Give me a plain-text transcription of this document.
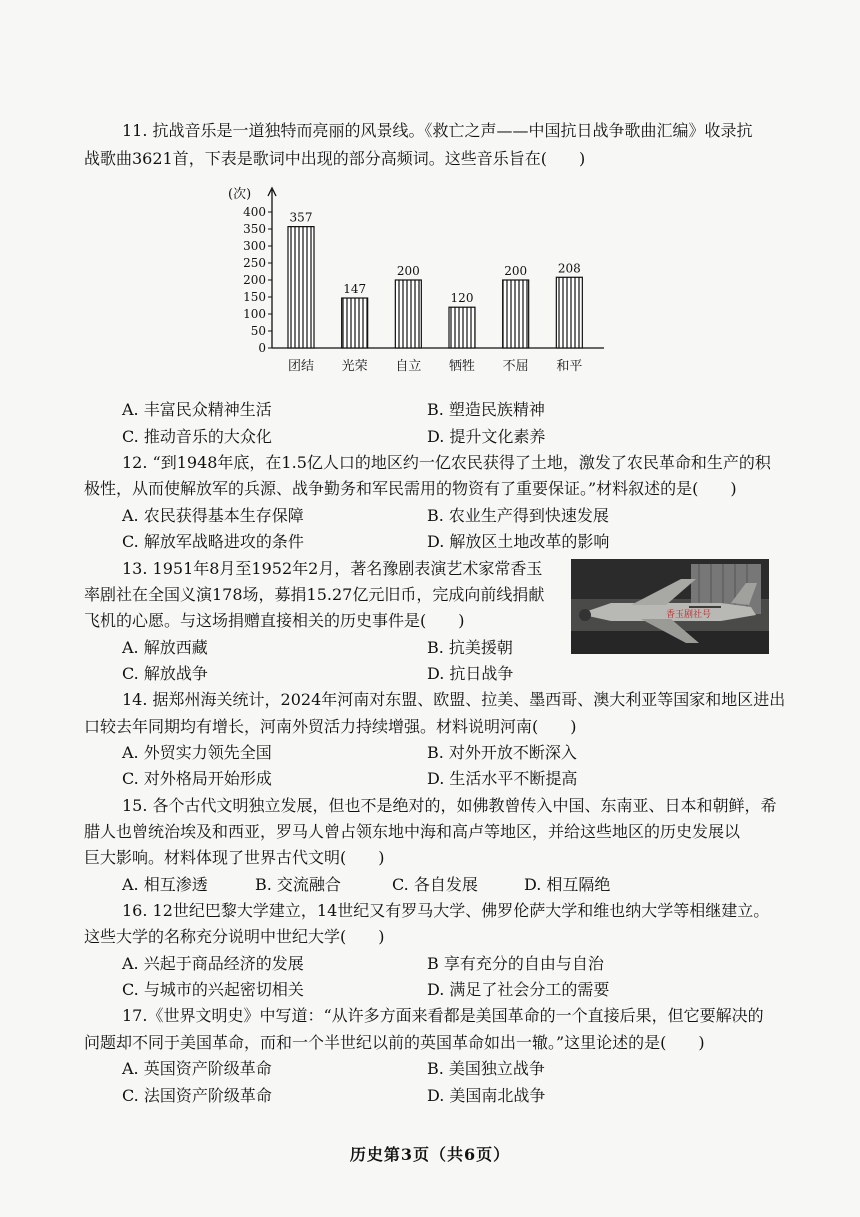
11. 抗战音乐是一道独特而亮丽的风景线。《救亡之声——中国抗日战争歌曲汇编》收录抗
战歌曲3621首，下表是歌词中出现的部分高频词。这些音乐旨在(　　)
(次)
0
50
100
150
200
250
300
350
400 357
团结
147
光荣
200
自立
120
牺牲
200
不屈
208
和平
A. 丰富民众精神生活	B. 塑造民族精神
C. 推动音乐的大众化	D. 提升文化素养
12. “到1948年底，在1.5亿人口的地区约一亿农民获得了土地，激发了农民革命和生产的积
极性，从而使解放军的兵源、战争勤务和军民需用的物资有了重要保证。”材料叙述的是(　　)
A. 农民获得基本生存保障	B. 农业生产得到快速发展
C. 解放军战略进攻的条件	D. 解放区土地改革的影响
13. 1951年8月至1952年2月，著名豫剧表演艺术家常香玉
率剧社在全国义演178场，募捐15.27亿元旧币，完成向前线捐献
飞机的心愿。与这场捐赠直接相关的历史事件是(　　)	香玉剧社号
A. 解放西藏	B. 抗美援朝
C. 解放战争	D. 抗日战争
14. 据郑州海关统计，2024年河南对东盟、欧盟、拉美、墨西哥、澳大利亚等国家和地区进出
口较去年同期均有增长，河南外贸活力持续增强。材料说明河南(　　)
A. 外贸实力领先全国	B. 对外开放不断深入
C. 对外格局开始形成	D. 生活水平不断提高
15. 各个古代文明独立发展，但也不是绝对的，如佛教曾传入中国、东南亚、日本和朝鲜，希
腊人也曾统治埃及和西亚，罗马人曾占领东地中海和高卢等地区，并给这些地区的历史发展以
巨大影响。材料体现了世界古代文明(　　)
A. 相互渗透	B. 交流融合	C. 各自发展	D. 相互隔绝
16. 12世纪巴黎大学建立，14世纪又有罗马大学、佛罗伦萨大学和维也纳大学等相继建立。
这些大学的名称充分说明中世纪大学(　　)
A. 兴起于商品经济的发展	B 享有充分的自由与自治
C. 与城市的兴起密切相关	D. 满足了社会分工的需要
17.《世界文明史》中写道：“从许多方面来看都是美国革命的一个直接后果，但它要解决的
问题却不同于美国革命，而和一个半世纪以前的英国革命如出一辙。”这里论述的是(　　)
A. 英国资产阶级革命	B. 美国独立战争
C. 法国资产阶级革命	D. 美国南北战争
历史第3页（共6页）
